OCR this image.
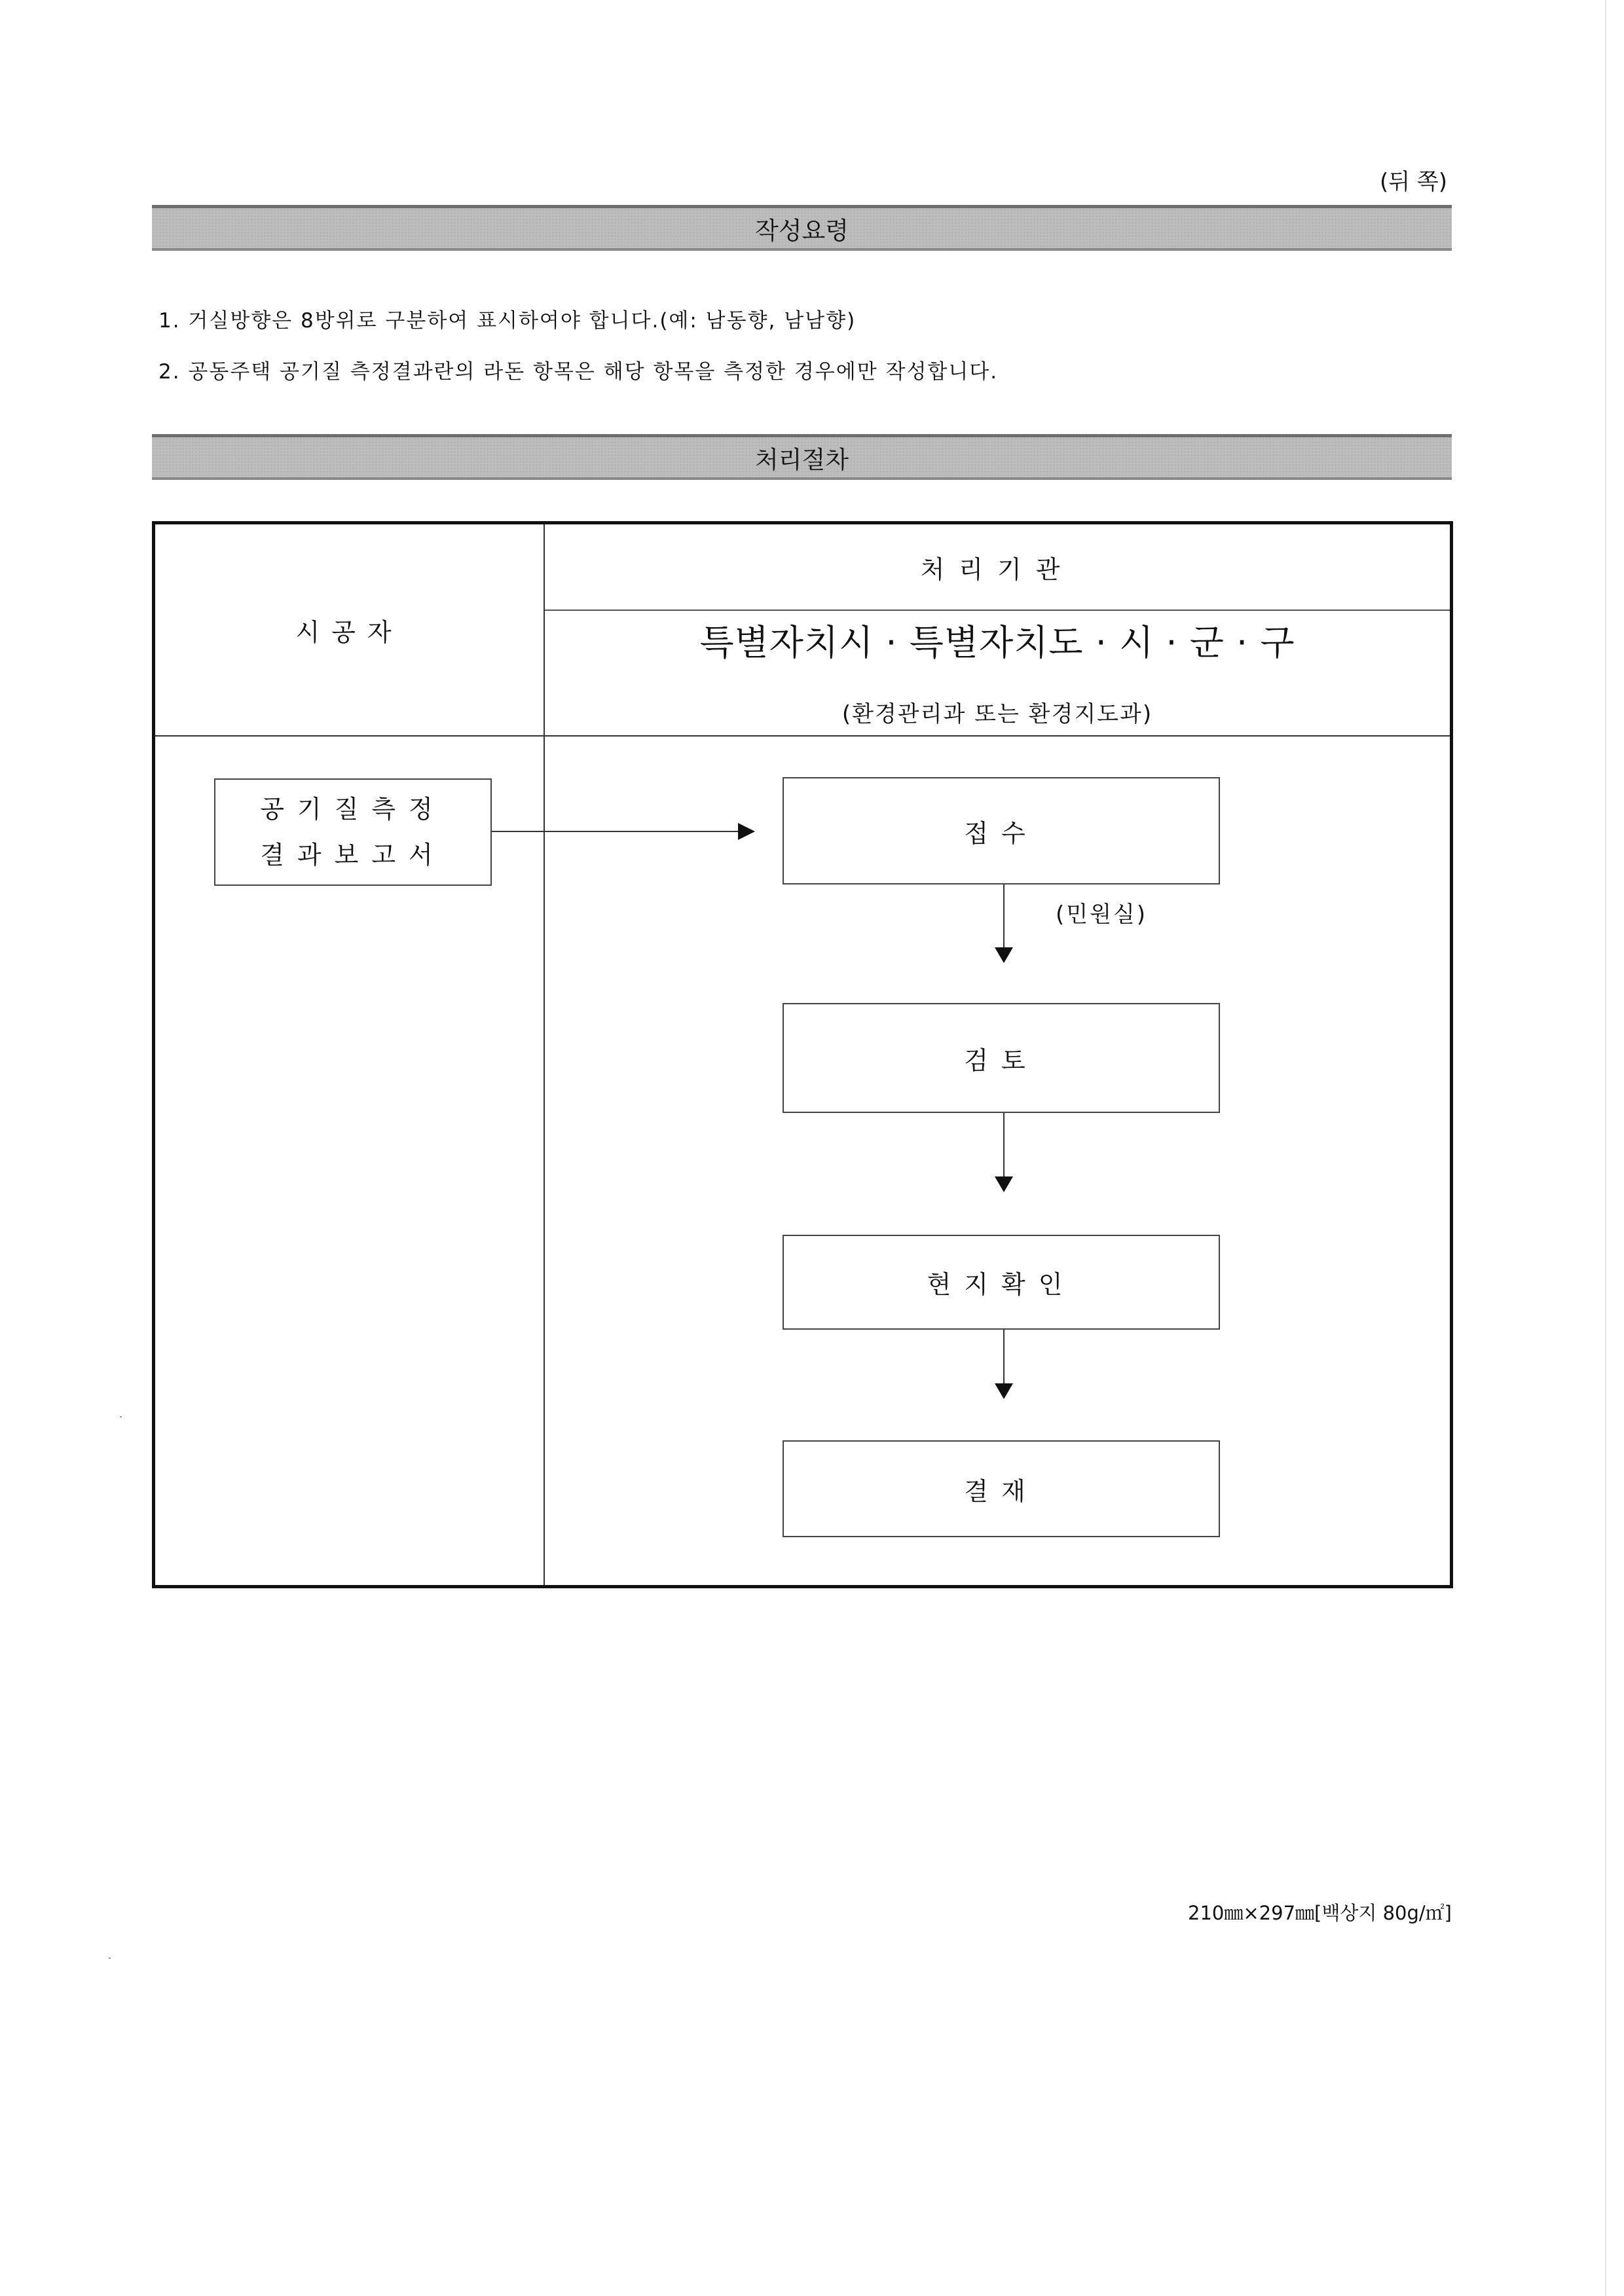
(뒤 쪽)
작성요령
1. 거실방향은 8방위로 구분하여 표시하여야 합니다.(예: 남동향, 남남향)
2. 공동주택 공기질 측정결과란의 라돈 항목은 해당 항목을 측정한 경우에만 작성합니다.
처리절차
시공자
처리기관
특별자치시 · 특별자치도 · 시 · 군 · 구
(환경관리과 또는 환경지도과)
공기질측정
결과보고서
접수
(민원실)
검토
현지확인
결재
210㎜×297㎜[백상지 80g/㎡]
